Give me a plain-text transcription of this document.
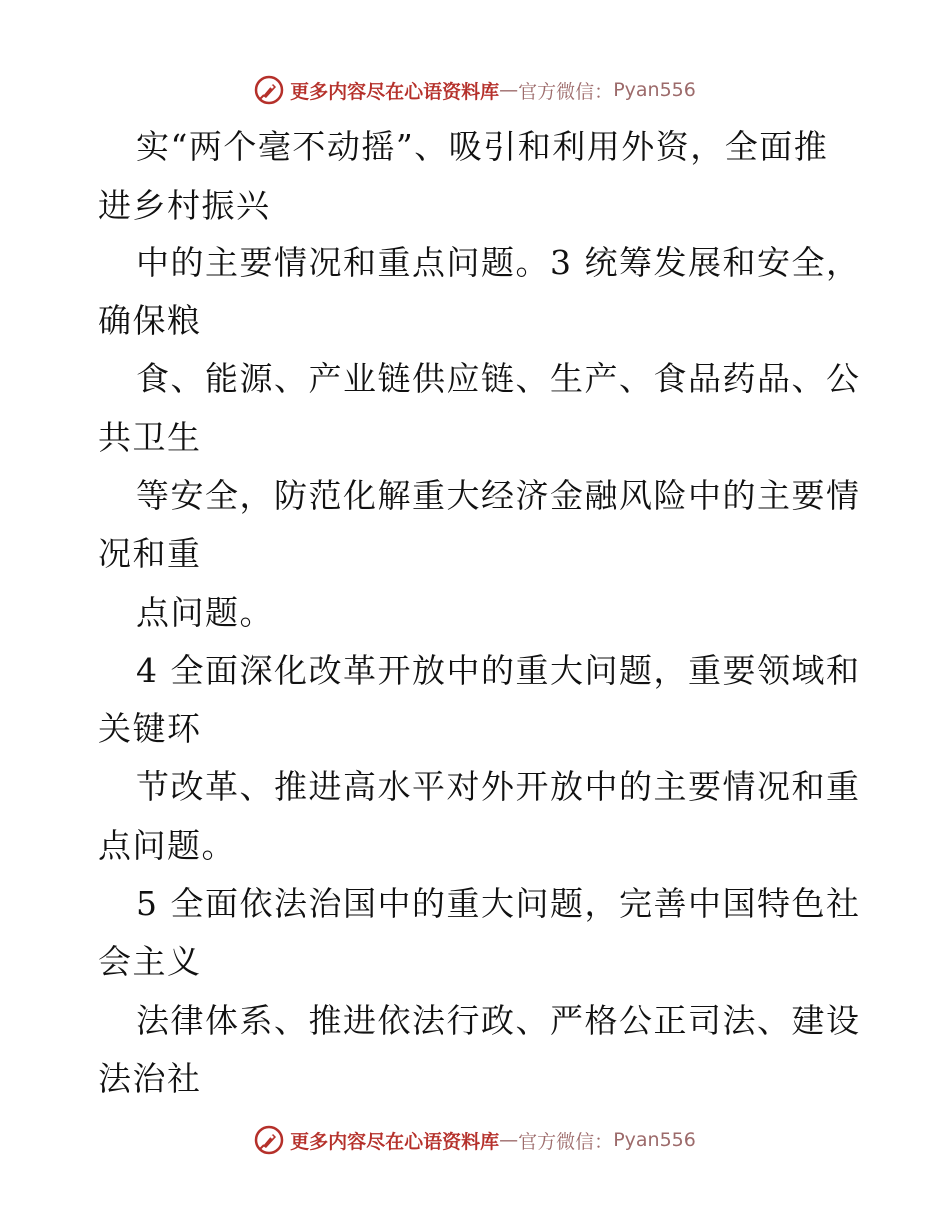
更多内容尽在心语资料库 — 官方微信： Pyan556
实“两个毫不动摇”、吸引和利用外资，全面推
进乡村振兴
中的主要情况和重点问题。3 统筹发展和安全，
确保粮
食、能源、产业链供应链、生产、食品药品、公
共卫生
等安全，防范化解重大经济金融风险中的主要情
况和重
点问题。
4 全面深化改革开放中的重大问题，重要领域和
关键环
节改革、推进高水平对外开放中的主要情况和重
点问题。
5 全面依法治国中的重大问题，完善中国特色社
会主义
法律体系、推进依法行政、严格公正司法、建设
法治社
更多内容尽在心语资料库 — 官方微信： Pyan556
